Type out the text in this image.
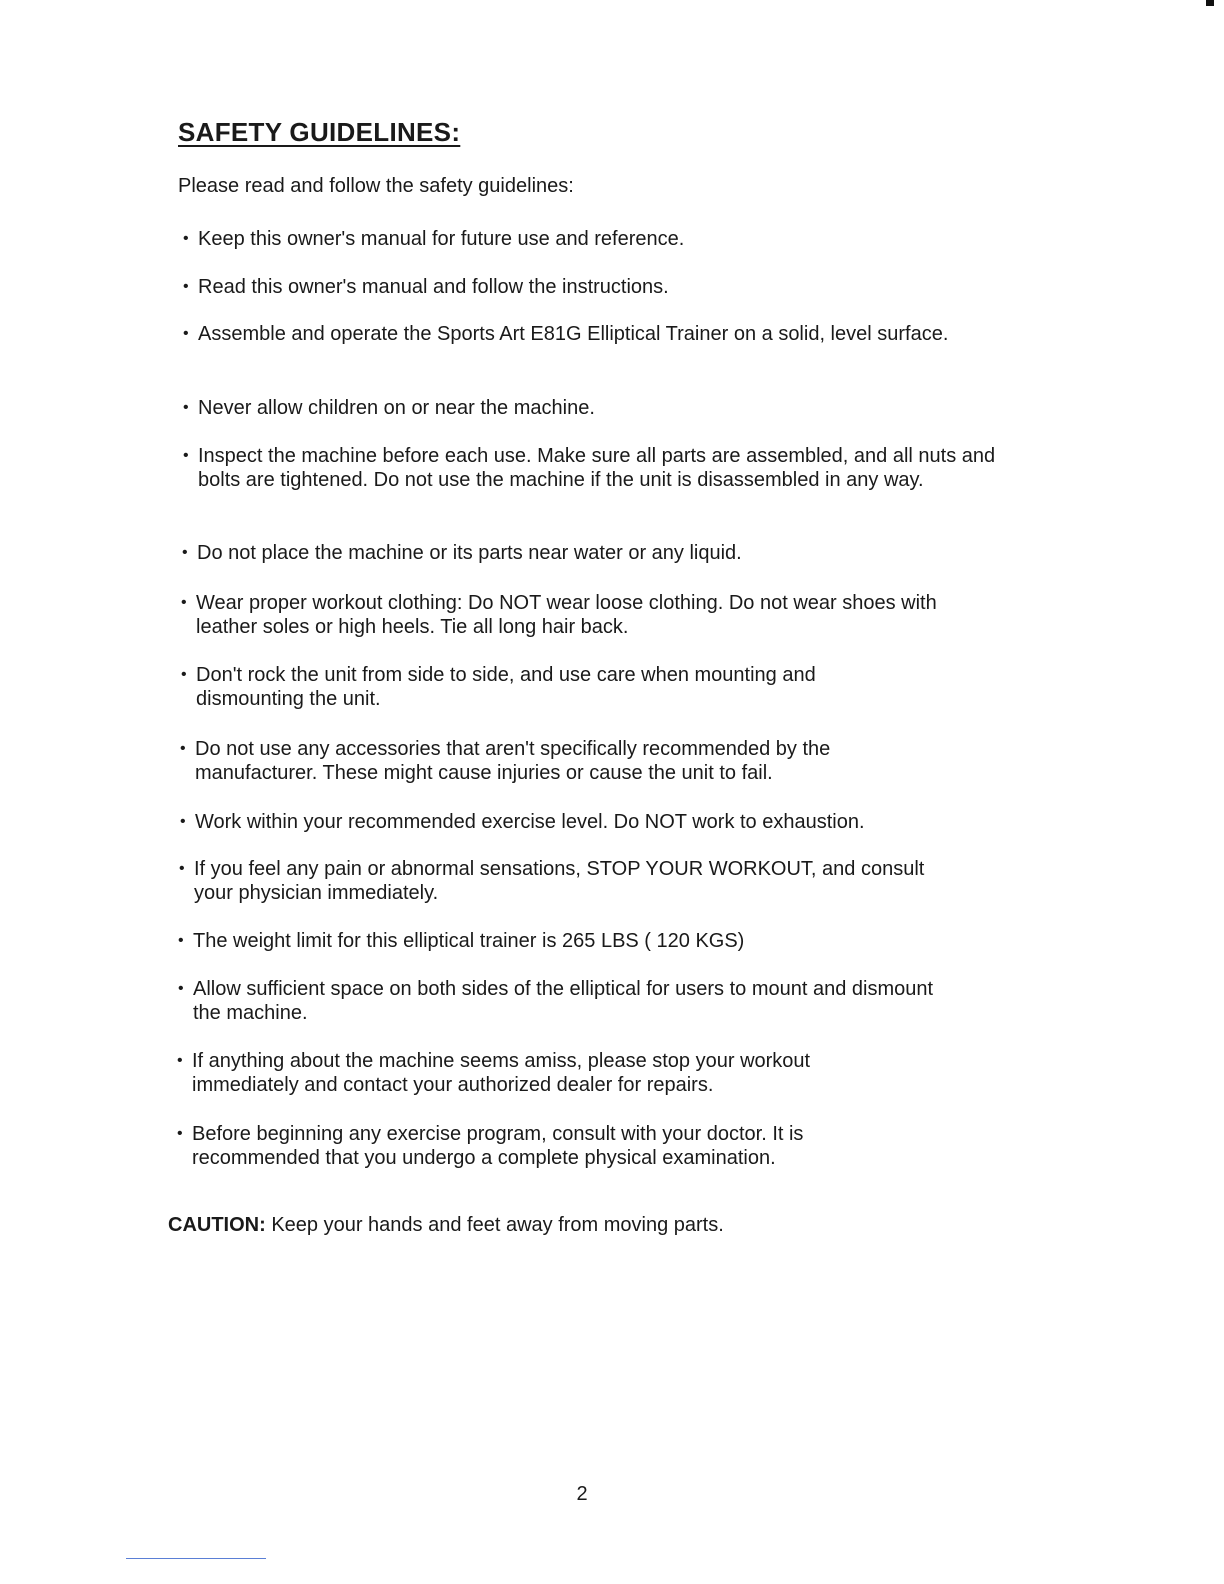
SAFETY GUIDELINES:

Please read and follow the safety guidelines:

• Keep this owner's manual for future use and reference.
• Read this owner's manual and follow the instructions.
• Assemble and operate the Sports Art E81G Elliptical Trainer on a solid, level surface.
• Never allow children on or near the machine.
• Inspect the machine before each use. Make sure all parts are assembled, and all nuts and bolts are tightened. Do not use the machine if the unit is disassembled in any way.
• Do not place the machine or its parts near water or any liquid.
• Wear proper workout clothing: Do NOT wear loose clothing. Do not wear shoes with leather soles or high heels. Tie all long hair back.
• Don't rock the unit from side to side, and use care when mounting and dismounting the unit.
• Do not use any accessories that aren't specifically recommended by the manufacturer. These might cause injuries or cause the unit to fail.
• Work within your recommended exercise level. Do NOT work to exhaustion.
• If you feel any pain or abnormal sensations, STOP YOUR WORKOUT, and consult your physician immediately.
• The weight limit for this elliptical trainer is 265 LBS ( 120 KGS)
• Allow sufficient space on both sides of the elliptical for users to mount and dismount the machine.
• If anything about the machine seems amiss, please stop your workout immediately and contact your authorized dealer for repairs.
• Before beginning any exercise program, consult with your doctor. It is recommended that you undergo a complete physical examination.
CAUTION: Keep your hands and feet away from moving parts.
2
